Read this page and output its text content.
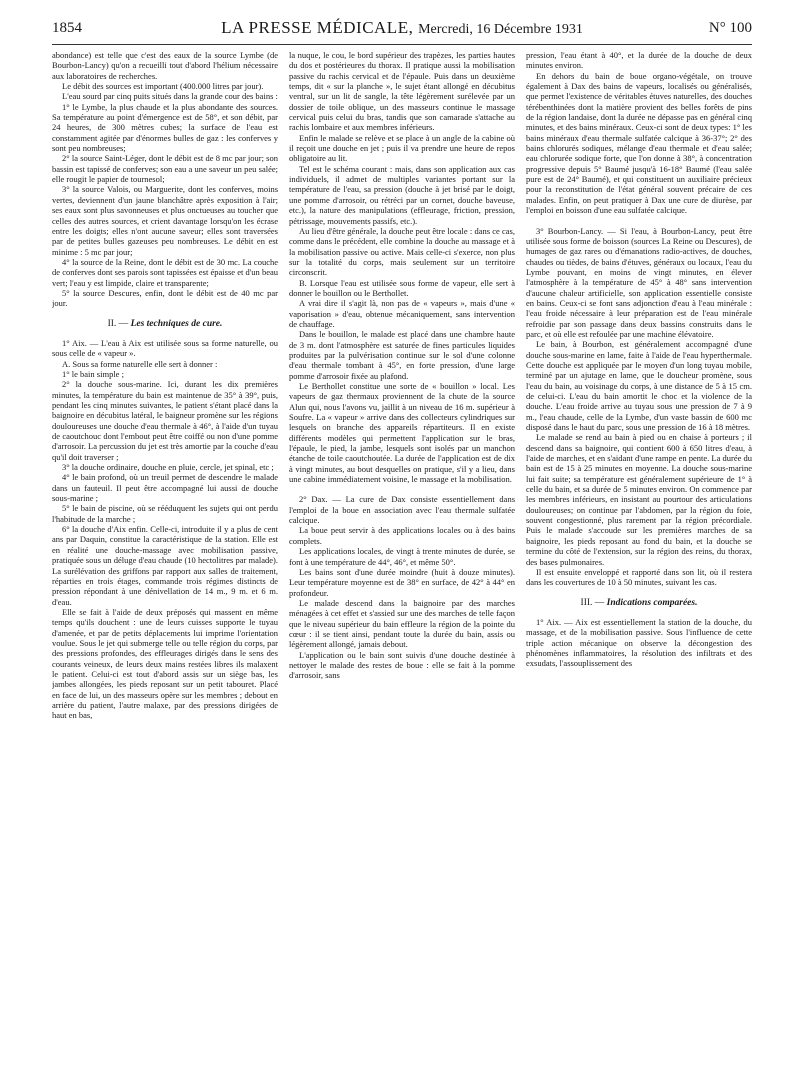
1854	LA PRESSE MÉDICALE, Mercredi, 16 Décembre 1931	N° 100

abondance) est telle que c'est des eaux de la source Lymbe (de Bourbon-Lancy) qu'on a recueilli tout d'abord l'hélium nécessaire aux laboratoires de recherches.

Le débit des sources est important (400.000 litres par jour).

L'eau sourd par cinq puits situés dans la grande cour des bains :

1° le Lymbe, la plus chaude et la plus abondante des sources. Sa température au point d'émergence est de 58°, et son débit, par 24 heures, de 300 mètres cubes; la surface de l'eau est constamment agitée par d'énormes bulles de gaz : les conferves y sont peu nombreuses;

2° la source Saint-Léger, dont le débit est de 8 mc par jour; son bassin est tapissé de conferves; son eau a une saveur un peu salée; elle rougit le papier de tournesol;

3° la source Valois, ou Marguerite, dont les conferves, moins vertes, deviennent d'un jaune blanchâtre après exposition à l'air; ses eaux sont plus savonneuses et plus onctueuses au toucher que celles des autres sources, et crient davantage lorsqu'on les écrase entre les doigts; elles n'ont aucune saveur; elles sont traversées par de petites bulles gazeuses peu nombreuses. Le débit en est minime : 5 mc par jour;

4° la source de la Reine, dont le débit est de 30 mc. La couche de conferves dont ses parois sont tapissées est épaisse et d'un beau vert; l'eau y est limpide, claire et transparente;

5° la source Descures, enfin, dont le débit est de 40 mc par jour.

II. — Les techniques de cure.

1° Aix. — L'eau à Aix est utilisée sous sa forme naturelle, ou sous celle de « vapeur ».

A. Sous sa forme naturelle elle sert à donner :

1° le bain simple ;

2° la douche sous-marine. Ici, durant les dix premières minutes, la température du bain est maintenue de 35° à 39°, puis, pendant les cinq minutes suivantes, le patient s'étant placé dans la baignoire en décubitus latéral, le baigneur promène sur les régions douloureuses une douche d'eau thermale à 46°, à l'aide d'un tuyau de caoutchouc dont l'embout peut être coiffé ou non d'une pomme d'arrosoir. La percussion du jet est très amortie par la couche d'eau qu'il doit traverser ;

3° la douche ordinaire, douche en pluie, cercle, jet spinal, etc ;

4° le bain profond, où un treuil permet de descendre le malade dans un fauteuil. Il peut être accompagné lui aussi de douche sous-marine ;

5° le bain de piscine, où se rééduquent les sujets qui ont perdu l'habitude de la marche ;

6° la douche d'Aix enfin. Celle-ci, introduite il y a plus de cent ans par Daquin, constitue la caractéristique de la station. Elle est en réalité une douche-massage avec mobilisation passive, pratiquée sous un déluge d'eau chaude (10 hectolitres par malade). La surélévation des griffons par rapport aux salles de traitement, réparties en trois étages, commande trois régimes distincts de pression répondant à une dénivellation de 14 m., 9 m. et 6 m. d'eau.

Elle se fait à l'aide de deux préposés qui massent en même temps qu'ils douchent : une de leurs cuisses supporte le tuyau d'amenée, et par de petits déplacements lui imprime l'orientation voulue. Sous le jet qui submerge telle ou telle région du corps, par des pressions profondes, des effleurages dirigés dans le sens des courants veineux, de leurs deux mains restées libres ils malaxent le patient. Celui-ci est tout d'abord assis sur un siège bas, les jambes allongées, les pieds reposant sur un petit tabouret. Placé en face de lui, un des masseurs opère sur les membres ; debout en arrière du patient, l'autre malaxe, par des pressions dirigées de haut en bas,

la nuque, le cou, le bord supérieur des trapèzes, les parties hautes du dos et postérieures du thorax. Il pratique aussi la mobilisation passive du rachis cervical et de l'épaule. Puis dans un deuxième temps, dit « sur la planche », le sujet étant allongé en décubitus ventral, sur un lit de sangle, la tête légèrement surélevée par un dossier de toile oblique, un des masseurs continue le massage cervical puis celui du bras, tandis que son camarade s'attache au rachis lombaire et aux membres inférieurs.

Enfin le malade se relève et se place à un angle de la cabine où il reçoit une douche en jet ; puis il va prendre une heure de repos obligatoire au lit.

Tel est le schéma courant : mais, dans son application aux cas individuels, il admet de multiples variantes portant sur la température de l'eau, sa pression (douche à jet brisé par le doigt, une pomme d'arrosoir, ou rétréci par un cornet, douche baveuse, etc.), la nature des manipulations (effleurage, friction, pression, pétrissage, mouvements passifs, etc.).

Au lieu d'être générale, la douche peut être locale : dans ce cas, comme dans le précédent, elle combine la douche au massage et à la mobilisation passive ou active. Mais celle-ci s'exerce, non plus sur la totalité du corps, mais seulement sur un territoire circonscrit.

B. Lorsque l'eau est utilisée sous forme de vapeur, elle sert à donner le bouillon ou le Berthollet.

A vrai dire il s'agit là, non pas de « vapeurs », mais d'une « vaporisation » d'eau, obtenue mécaniquement, sans intervention de chauffage.

Dans le bouillon, le malade est placé dans une chambre haute de 3 m. dont l'atmosphère est saturée de fines particules liquides produites par la pulvérisation continue sur le sol d'une colonne d'eau thermale tombant à 45°, en forte pression, d'une large pomme d'arrosoir fixée au plafond.

Le Berthollet constitue une sorte de « bouillon » local. Les vapeurs de gaz thermaux proviennent de la chute de la source Alun qui, nous l'avons vu, jaillit à un niveau de 16 m. supérieur à Soufre. La « vapeur » arrive dans des collecteurs cylindriques sur lesquels on branche des appareils répartiteurs. Il en existe différents modèles qui permettent l'application sur le bras, l'épaule, le pied, la jambe, lesquels sont isolés par un manchon étanche de toile caoutchoutée. La durée de l'application est de dix à vingt minutes, au bout desquelles on pratique, s'il y a lieu, dans une cabine immédiatement voisine, le massage et la mobilisation.

2° Dax. — La cure de Dax consiste essentiellement dans l'emploi de la boue en association avec l'eau thermale sulfatée calcique.

La boue peut servir à des applications locales ou à des bains complets.

Les applications locales, de vingt à trente minutes de durée, se font à une température de 44°, 46°, et même 50°.

Les bains sont d'une durée moindre (huit à douze minutes). Leur température moyenne est de 38° en surface, de 42° à 44° en profondeur.

Le malade descend dans la baignoire par des marches ménagées à cet effet et s'assied sur une des marches de telle façon que le niveau supérieur du bain effleure la région de la pointe du cœur : il se tient ainsi, pendant toute la durée du bain, assis ou légèrement allongé, jamais debout.

L'application ou le bain sont suivis d'une douche destinée à nettoyer le malade des restes de boue : elle se fait à la pomme d'arrosoir, sans

pression, l'eau étant à 40°, et la durée de la douche de deux minutes environ.

En dehors du bain de boue organo-végétale, on trouve également à Dax des bains de vapeurs, localisés ou généralisés, que permet l'existence de véritables étuves naturelles, des douches térébenthinées dont la matière provient des belles forêts de pins de la région landaise, dont la durée ne dépasse pas en général cinq minutes, et des bains minéraux. Ceux-ci sont de deux types: 1° les bains minéraux d'eau thermale sulfatée calcique à 36-37°; 2° des bains chlorurés sodiques, mélange d'eau thermale et d'eau salée; eau chlorurée sodique forte, que l'on donne à 38°, à concentration progressive depuis 5° Baumé jusqu'à 16-18° Baumé (l'eau salée pure est de 24° Baumé), et qui constituent un auxiliaire précieux pour la reconstitution de l'état général souvent précaire de ces malades. Enfin, on peut pratiquer à Dax une cure de diurèse, par l'emploi en boisson d'une eau sulfatée calcique.

3° Bourbon-Lancy. — Si l'eau, à Bourbon-Lancy, peut être utilisée sous forme de boisson (sources La Reine ou Descures), de humages de gaz rares ou d'émanations radio-actives, de douches, chaudes ou tièdes, de bains d'étuves, généraux ou locaux, l'eau du Lymbe pouvant, en moins de vingt minutes, en élever l'atmosphère à la température de 45° à 48° sans intervention d'aucune chaleur artificielle, son application essentielle consiste en bains. Ceux-ci se font sans adjonction d'eau à l'eau minérale : l'eau froide nécessaire à leur préparation est de l'eau minérale refroidie par son passage dans deux bassins construits dans le parc, et où elle est refoulée par une machine élévatoire.

Le bain, à Bourbon, est généralement accompagné d'une douche sous-marine en lame, faite à l'aide de l'eau hyperthermale. Cette douche est appliquée par le moyen d'un long tuyau mobile, terminé par un ajutage en lame, que le doucheur promène, sous l'eau du bain, au voisinage du corps, à une distance de 5 à 15 cm. de celui-ci. L'eau du bain amortit le choc et la violence de la douche. L'eau froide arrive au tuyau sous une pression de 7 à 9 m., l'eau chaude, celle de la Lymbe, d'un vaste bassin de 600 mc disposé dans le haut du parc, sous une pression de 16 à 18 mètres.

Le malade se rend au bain à pied ou en chaise à porteurs ; il descend dans sa baignoire, qui contient 600 à 650 litres d'eau, à l'aide de marches, et en s'aidant d'une rampe en pente. La durée du bain est de 15 à 25 minutes en moyenne. La douche sous-marine lui fait suite; sa température est généralement supérieure de 1° à celle du bain, et sa durée de 5 minutes environ. On commence par les membres inférieurs, en insistant au pourtour des articulations douloureuses; on continue par l'abdomen, par la région du foie, souvent congestionné, plus rarement par la région précordiale. Puis le malade s'accoude sur les premières marches de sa baignoire, les pieds reposant au fond du bain, et la douche se termine du côté de l'extension, sur la région des reins, du thorax, des bases pulmonaires.

Il est ensuite enveloppé et rapporté dans son lit, où il restera dans les couvertures de 10 à 50 minutes, suivant les cas.

III. — Indications comparées.

1° Aix. — Aix est essentiellement la station de la douche, du massage, et de la mobilisation passive. Sous l'influence de cette triple action mécanique on observe la décongestion des phénomènes inflammatoires, la résolution des infiltrats et des exsudats, l'assouplissement des
